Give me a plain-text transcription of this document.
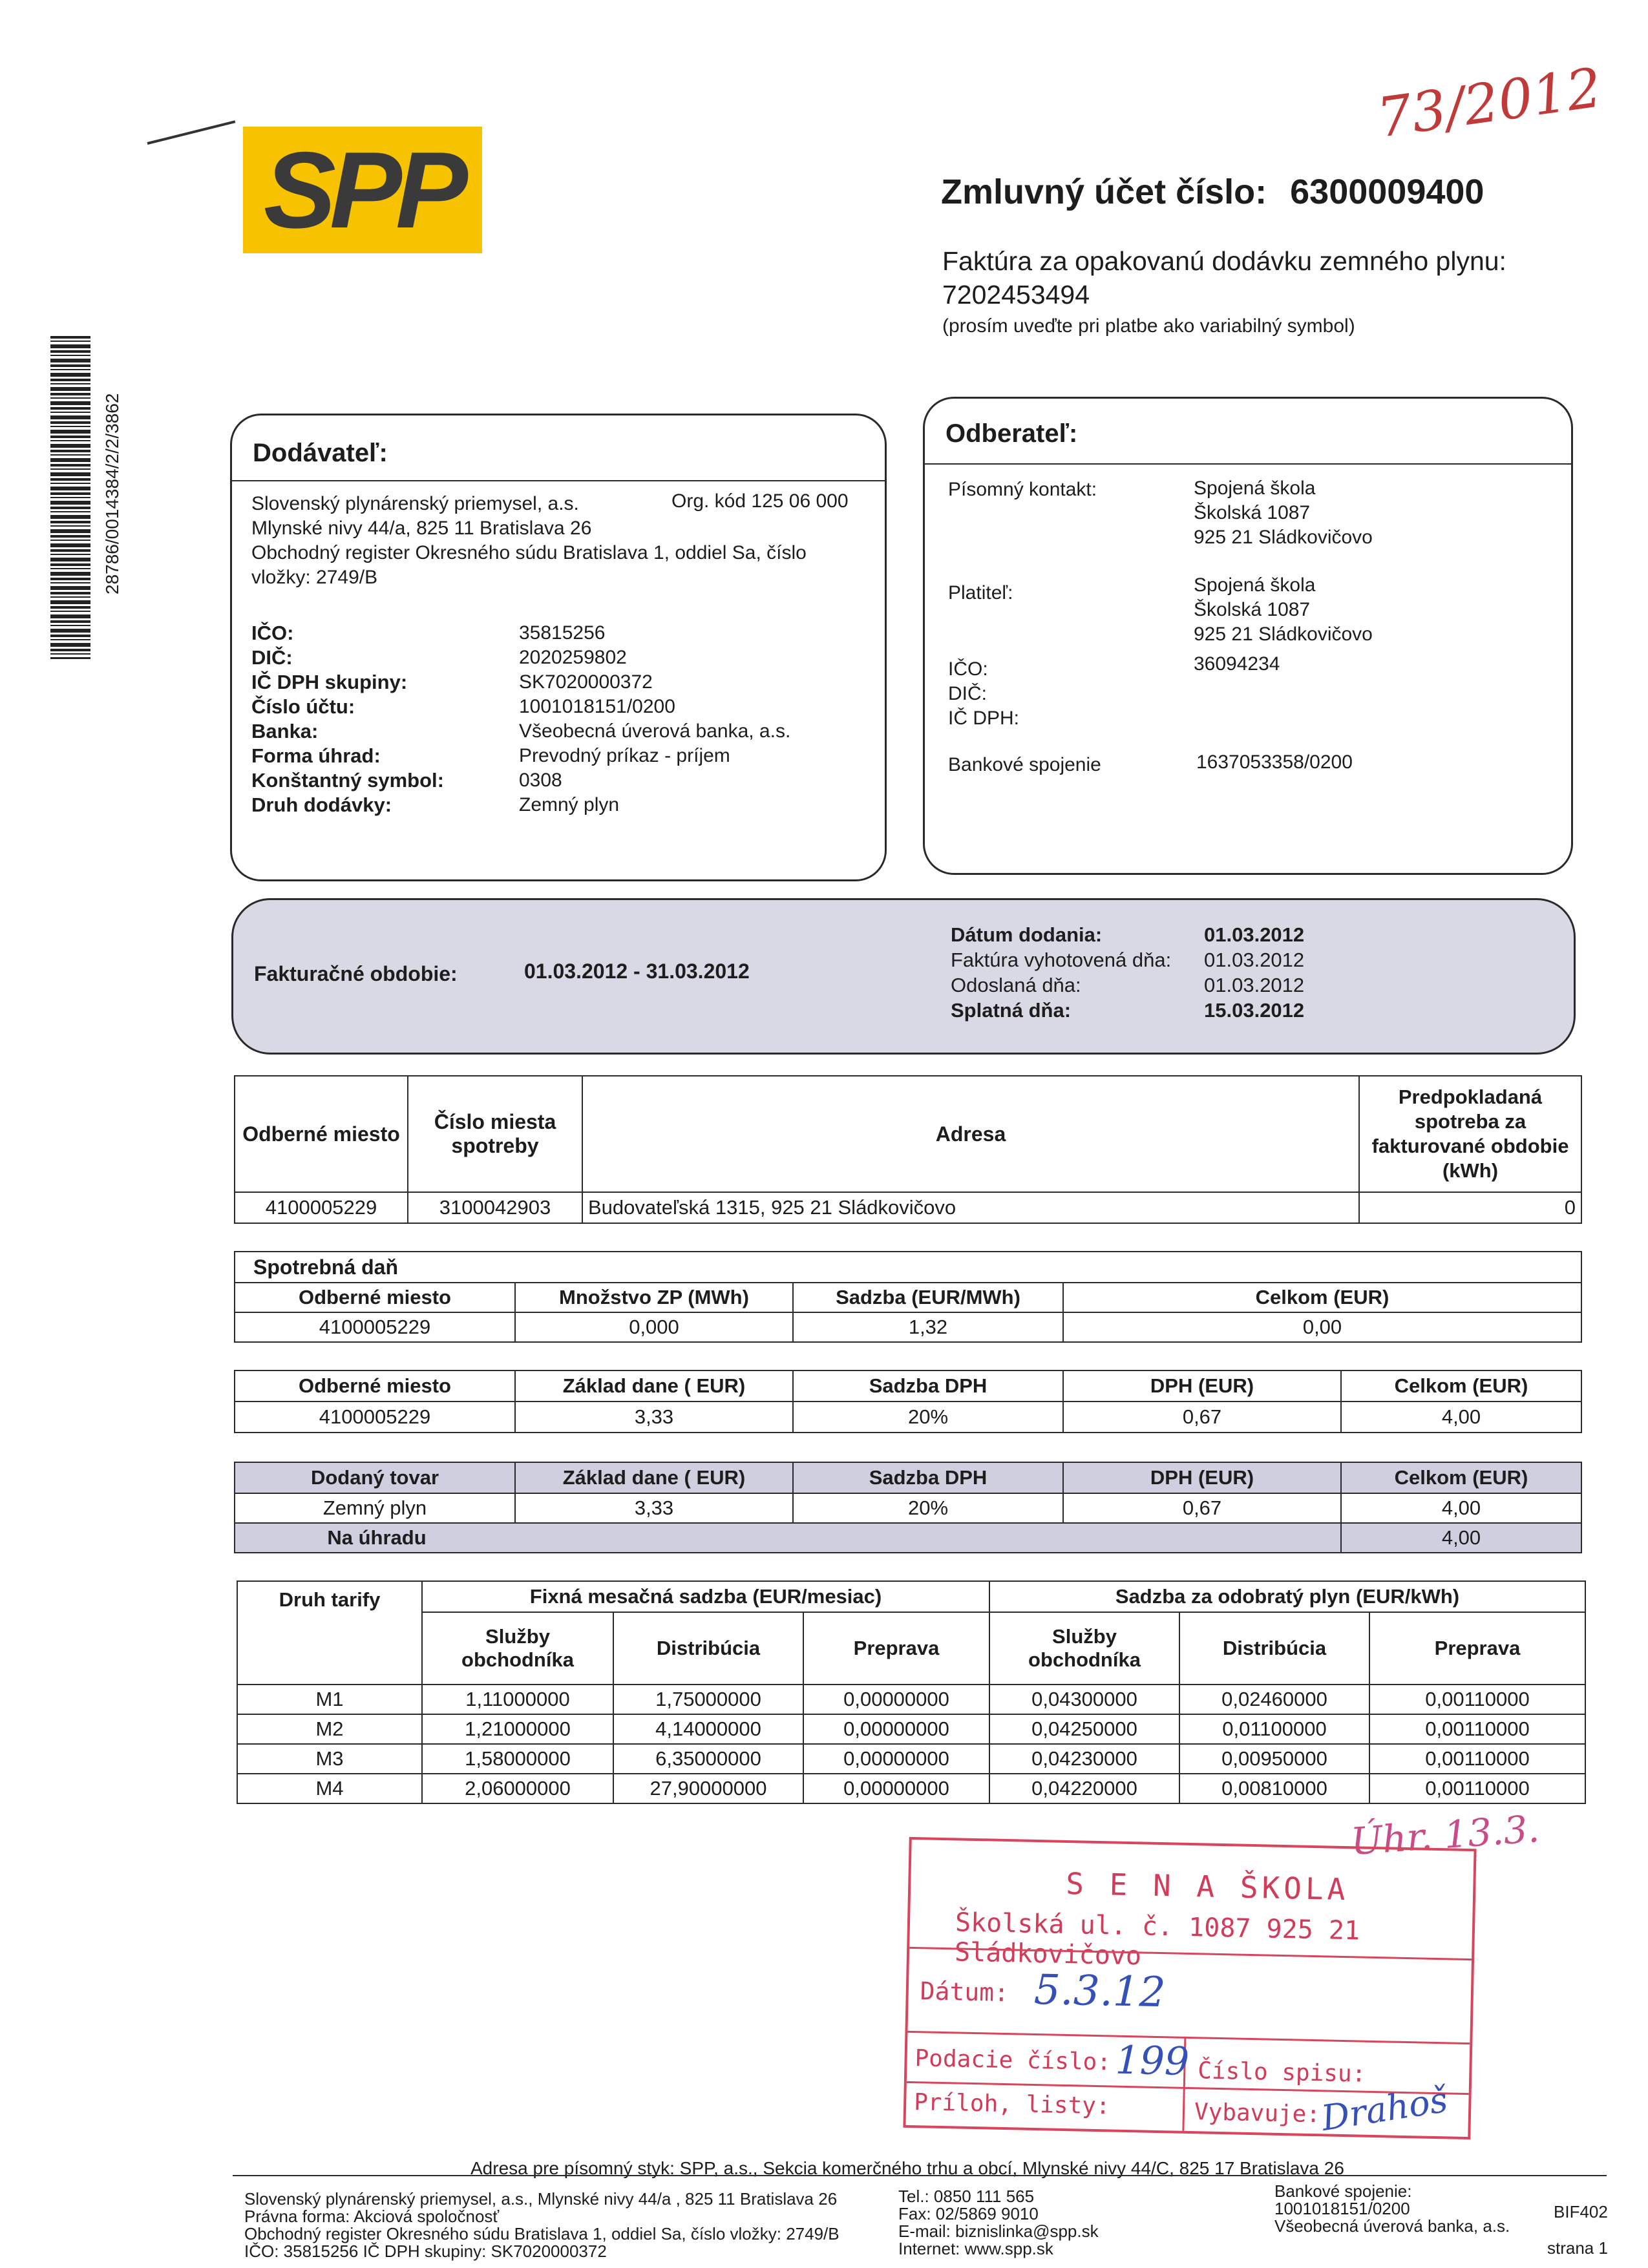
SPP
73/2012
Zmluvný účet číslo: 6300009400
Faktúra za opakovanú dodávku zemného plynu:
7202453494
(prosím uveďte pri platbe ako variabilný symbol)
28786/0014384/2/2/3862	Dodávateľ:
Slovenský plynárenský priemysel, a.s.	Org. kód 125 06 000
Mlynské nivy 44/a, 825 11 Bratislava 26
Obchodný register Okresného súdu Bratislava 1, oddiel Sa, číslo
vložky: 2749/B
IČO:	35815256
DIČ:	2020259802
IČ DPH skupiny:	SK7020000372
Číslo účtu:	1001018151/0200
Banka:	Všeobecná úverová banka, a.s.
Forma úhrad:	Prevodný príkaz - príjem
Konštantný symbol:	0308
Druh dodávky:	Zemný plyn
Odberateľ:
Písomný kontakt:	Spojená škola
Školská 1087
925 21 Sládkovičovo
Platiteľ:	Spojená škola
Školská 1087
925 21 Sládkovičovo
IČO:	36094234
DIČ:
IČ DPH:
Bankové spojenie	1637053358/0200
Fakturačné obdobie:	01.03.2012 - 31.03.2012
Dátum dodania:	01.03.2012
Faktúra vyhotovená dňa:	01.03.2012
Odoslaná dňa:	01.03.2012
Splatná dňa:	15.03.2012
Odberné miesto	Číslo miesta spotreby	Adresa	Predpokladaná spotreba za fakturované obdobie (kWh)
4100005229	3100042903	Budovateľská 1315, 925 21 Sládkovičovo	0
Spotrebná daň			
Odberné miesto	Množstvo ZP (MWh)	Sadzba (EUR/MWh)	Celkom (EUR)
4100005229	0,000	1,32	0,00
Odberné miesto	Základ dane ( EUR)	Sadzba DPH	DPH (EUR)	Celkom (EUR)
4100005229	3,33	20%	0,67	4,00
Dodaný tovar	Základ dane ( EUR)	Sadzba DPH	DPH (EUR)	Celkom (EUR)
Zemný plyn	3,33	20%	0,67	4,00
Na úhradu				4,00
Druh tarify	Fixná mesačná sadzba (EUR/mesiac)			Sadzba za odobratý plyn (EUR/kWh)		
	Služby obchodníka	Distribúcia	Preprava	Služby obchodníka	Distribúcia	Preprava
M1	1,11000000	1,75000000	0,00000000	0,04300000	0,02460000	0,00110000
M2	1,21000000	4,14000000	0,00000000	0,04250000	0,01100000	0,00110000
M3	1,58000000	6,35000000	0,00000000	0,04230000	0,00950000	0,00110000
M4	2,06000000	27,90000000	0,00000000	0,04220000	0,00810000	0,00110000
Úhr. 13.3.
S E N A ŠKOLA
Školská ul. č. 1087 925 21 Sládkovičovo
Dátum: 5.3.12
Podacie číslo: 199 Číslo spisu:
Príloh, listy:	Vybavuje:
Drahoš
Adresa pre písomný styk: SPP, a.s., Sekcia komerčného trhu a obcí, Mlynské nivy 44/C, 825 17 Bratislava 26
Slovenský plynárenský priemysel, a.s., Mlynské nivy 44/a , 825 11 Bratislava 26
Právna forma: Akciová spoločnosť
Obchodný register Okresného súdu Bratislava 1, oddiel Sa, číslo vložky: 2749/B
IČO: 35815256 IČ DPH skupiny: SK7020000372
Tel.: 0850 111 565
Fax: 02/5869 9010
E-mail: biznislinka@spp.sk
Internet: www.spp.sk
Bankové spojenie:
1001018151/0200
Všeobecná úverová banka, a.s.
BIF402
strana 1
